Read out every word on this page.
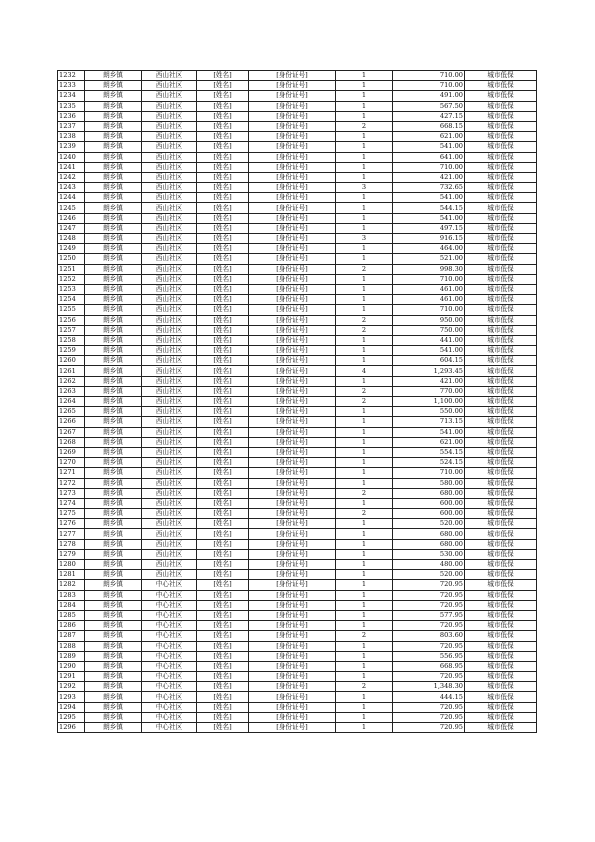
1232	朗乡镇	西山社区	[姓名]	[身份证号]	1	710.00	城市低保
1233	朗乡镇	西山社区	[姓名]	[身份证号]	1	710.00	城市低保
1234	朗乡镇	西山社区	[姓名]	[身份证号]	1	491.00	城市低保
1235	朗乡镇	西山社区	[姓名]	[身份证号]	1	567.50	城市低保
1236	朗乡镇	西山社区	[姓名]	[身份证号]	1	427.15	城市低保
1237	朗乡镇	西山社区	[姓名]	[身份证号]	2	668.15	城市低保
1238	朗乡镇	西山社区	[姓名]	[身份证号]	1	621.00	城市低保
1239	朗乡镇	西山社区	[姓名]	[身份证号]	1	541.00	城市低保
1240	朗乡镇	西山社区	[姓名]	[身份证号]	1	641.00	城市低保
1241	朗乡镇	西山社区	[姓名]	[身份证号]	1	710.00	城市低保
1242	朗乡镇	西山社区	[姓名]	[身份证号]	1	421.00	城市低保
1243	朗乡镇	西山社区	[姓名]	[身份证号]	3	732.65	城市低保
1244	朗乡镇	西山社区	[姓名]	[身份证号]	1	541.00	城市低保
1245	朗乡镇	西山社区	[姓名]	[身份证号]	1	544.15	城市低保
1246	朗乡镇	西山社区	[姓名]	[身份证号]	1	541.00	城市低保
1247	朗乡镇	西山社区	[姓名]	[身份证号]	1	497.15	城市低保
1248	朗乡镇	西山社区	[姓名]	[身份证号]	3	916.15	城市低保
1249	朗乡镇	西山社区	[姓名]	[身份证号]	1	464.00	城市低保
1250	朗乡镇	西山社区	[姓名]	[身份证号]	1	521.00	城市低保
1251	朗乡镇	西山社区	[姓名]	[身份证号]	2	998.30	城市低保
1252	朗乡镇	西山社区	[姓名]	[身份证号]	1	710.00	城市低保
1253	朗乡镇	西山社区	[姓名]	[身份证号]	1	461.00	城市低保
1254	朗乡镇	西山社区	[姓名]	[身份证号]	1	461.00	城市低保
1255	朗乡镇	西山社区	[姓名]	[身份证号]	1	710.00	城市低保
1256	朗乡镇	西山社区	[姓名]	[身份证号]	2	950.00	城市低保
1257	朗乡镇	西山社区	[姓名]	[身份证号]	2	750.00	城市低保
1258	朗乡镇	西山社区	[姓名]	[身份证号]	1	441.00	城市低保
1259	朗乡镇	西山社区	[姓名]	[身份证号]	1	541.00	城市低保
1260	朗乡镇	西山社区	[姓名]	[身份证号]	1	604.15	城市低保
1261	朗乡镇	西山社区	[姓名]	[身份证号]	4	1,293.45	城市低保
1262	朗乡镇	西山社区	[姓名]	[身份证号]	1	421.00	城市低保
1263	朗乡镇	西山社区	[姓名]	[身份证号]	2	770.00	城市低保
1264	朗乡镇	西山社区	[姓名]	[身份证号]	2	1,100.00	城市低保
1265	朗乡镇	西山社区	[姓名]	[身份证号]	1	550.00	城市低保
1266	朗乡镇	西山社区	[姓名]	[身份证号]	1	713.15	城市低保
1267	朗乡镇	西山社区	[姓名]	[身份证号]	1	541.00	城市低保
1268	朗乡镇	西山社区	[姓名]	[身份证号]	1	621.00	城市低保
1269	朗乡镇	西山社区	[姓名]	[身份证号]	1	554.15	城市低保
1270	朗乡镇	西山社区	[姓名]	[身份证号]	1	524.15	城市低保
1271	朗乡镇	西山社区	[姓名]	[身份证号]	1	710.00	城市低保
1272	朗乡镇	西山社区	[姓名]	[身份证号]	1	580.00	城市低保
1273	朗乡镇	西山社区	[姓名]	[身份证号]	2	680.00	城市低保
1274	朗乡镇	西山社区	[姓名]	[身份证号]	1	600.00	城市低保
1275	朗乡镇	西山社区	[姓名]	[身份证号]	2	600.00	城市低保
1276	朗乡镇	西山社区	[姓名]	[身份证号]	1	520.00	城市低保
1277	朗乡镇	西山社区	[姓名]	[身份证号]	1	680.00	城市低保
1278	朗乡镇	西山社区	[姓名]	[身份证号]	1	680.00	城市低保
1279	朗乡镇	西山社区	[姓名]	[身份证号]	1	530.00	城市低保
1280	朗乡镇	西山社区	[姓名]	[身份证号]	1	480.00	城市低保
1281	朗乡镇	西山社区	[姓名]	[身份证号]	1	520.00	城市低保
1282	朗乡镇	中心社区	[姓名]	[身份证号]	1	720.95	城市低保
1283	朗乡镇	中心社区	[姓名]	[身份证号]	1	720.95	城市低保
1284	朗乡镇	中心社区	[姓名]	[身份证号]	1	720.95	城市低保
1285	朗乡镇	中心社区	[姓名]	[身份证号]	1	577.95	城市低保
1286	朗乡镇	中心社区	[姓名]	[身份证号]	1	720.95	城市低保
1287	朗乡镇	中心社区	[姓名]	[身份证号]	2	803.60	城市低保
1288	朗乡镇	中心社区	[姓名]	[身份证号]	1	720.95	城市低保
1289	朗乡镇	中心社区	[姓名]	[身份证号]	1	556.95	城市低保
1290	朗乡镇	中心社区	[姓名]	[身份证号]	1	668.95	城市低保
1291	朗乡镇	中心社区	[姓名]	[身份证号]	1	720.95	城市低保
1292	朗乡镇	中心社区	[姓名]	[身份证号]	2	1,348.30	城市低保
1293	朗乡镇	中心社区	[姓名]	[身份证号]	1	444.15	城市低保
1294	朗乡镇	中心社区	[姓名]	[身份证号]	1	720.95	城市低保
1295	朗乡镇	中心社区	[姓名]	[身份证号]	1	720.95	城市低保
1296	朗乡镇	中心社区	[姓名]	[身份证号]	1	720.95	城市低保
